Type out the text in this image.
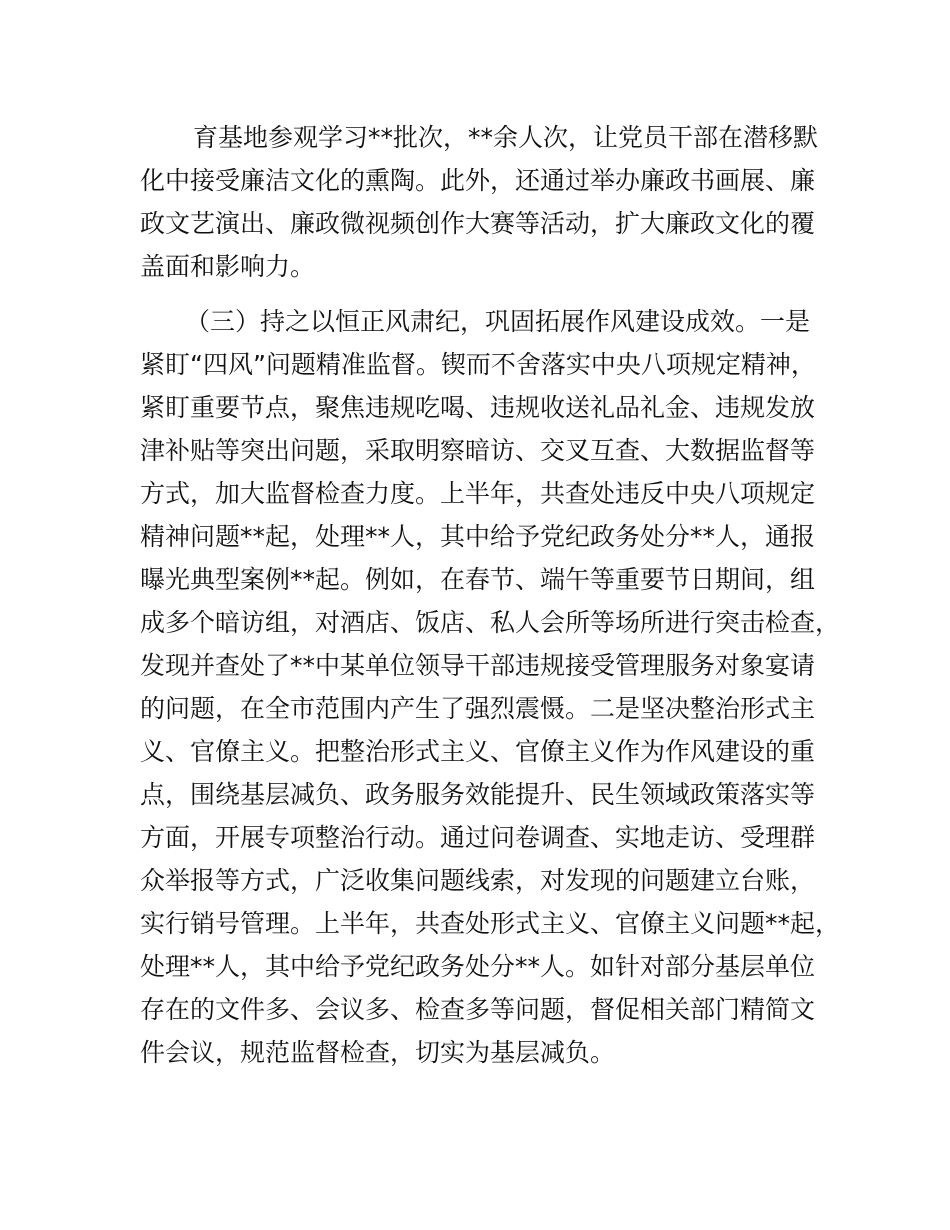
育基地参观学习**批次，**余人次，让党员干部在潜移默

化中接受廉洁文化的熏陶。此外，还通过举办廉政书画展、廉

政文艺演出、廉政微视频创作大赛等活动，扩大廉政文化的覆

盖面和影响力。

（三）持之以恒正风肃纪，巩固拓展作风建设成效。一是

紧盯“四风”问题精准监督。锲而不舍落实中央八项规定精神，

紧盯重要节点，聚焦违规吃喝、违规收送礼品礼金、违规发放

津补贴等突出问题，采取明察暗访、交叉互查、大数据监督等

方式，加大监督检查力度。上半年，共查处违反中央八项规定

精神问题**起，处理**人，其中给予党纪政务处分**人，通报

曝光典型案例**起。例如，在春节、端午等重要节日期间，组

成多个暗访组，对酒店、饭店、私人会所等场所进行突击检查，

发现并查处了**中某单位领导干部违规接受管理服务对象宴请

的问题，在全市范围内产生了强烈震慑。二是坚决整治形式主

义、官僚主义。把整治形式主义、官僚主义作为作风建设的重

点，围绕基层减负、政务服务效能提升、民生领域政策落实等

方面，开展专项整治行动。通过问卷调查、实地走访、受理群

众举报等方式，广泛收集问题线索，对发现的问题建立台账，

实行销号管理。上半年，共查处形式主义、官僚主义问题**起，

处理**人，其中给予党纪政务处分**人。如针对部分基层单位

存在的文件多、会议多、检查多等问题，督促相关部门精简文

件会议，规范监督检查，切实为基层减负。
